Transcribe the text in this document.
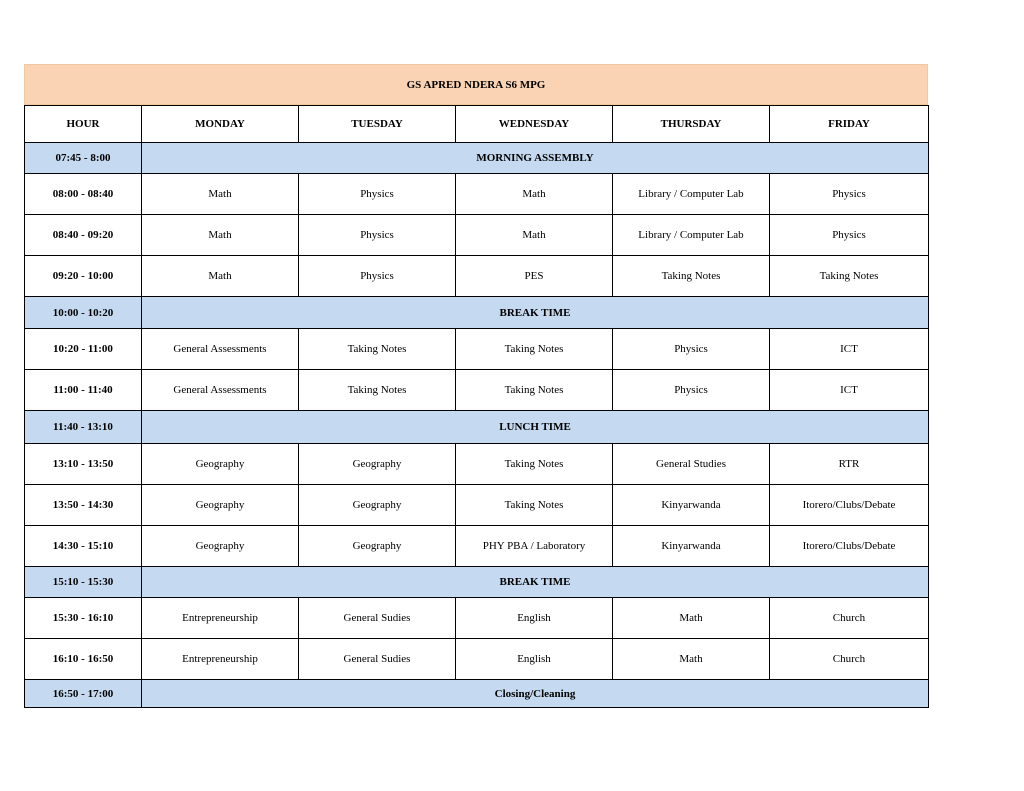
GS APRED NDERA S6 MPG
HOUR	MONDAY	TUESDAY	WEDNESDAY	THURSDAY	FRIDAY
07:45 - 8:00	MORNING ASSEMBLY				
08:00 - 08:40	Math	Physics	Math	Library / Computer Lab	Physics
08:40 - 09:20	Math	Physics	Math	Library / Computer Lab	Physics
09:20 - 10:00	Math	Physics	PES	Taking Notes	Taking Notes
10:00 - 10:20	BREAK TIME				
10:20 - 11:00	General Assessments	Taking Notes	Taking Notes	Physics	ICT
11:00 - 11:40	General Assessments	Taking Notes	Taking Notes	Physics	ICT
11:40 - 13:10	LUNCH TIME				
13:10 - 13:50	Geography	Geography	Taking Notes	General Studies	RTR
13:50 - 14:30	Geography	Geography	Taking Notes	Kinyarwanda	Itorero/Clubs/Debate
14:30 - 15:10	Geography	Geography	PHY PBA / Laboratory	Kinyarwanda	Itorero/Clubs/Debate
15:10 - 15:30	BREAK TIME				
15:30 - 16:10	Entrepreneurship	General Sudies	English	Math	Church
16:10 - 16:50	Entrepreneurship	General Sudies	English	Math	Church
16:50 - 17:00	Closing/Cleaning				
